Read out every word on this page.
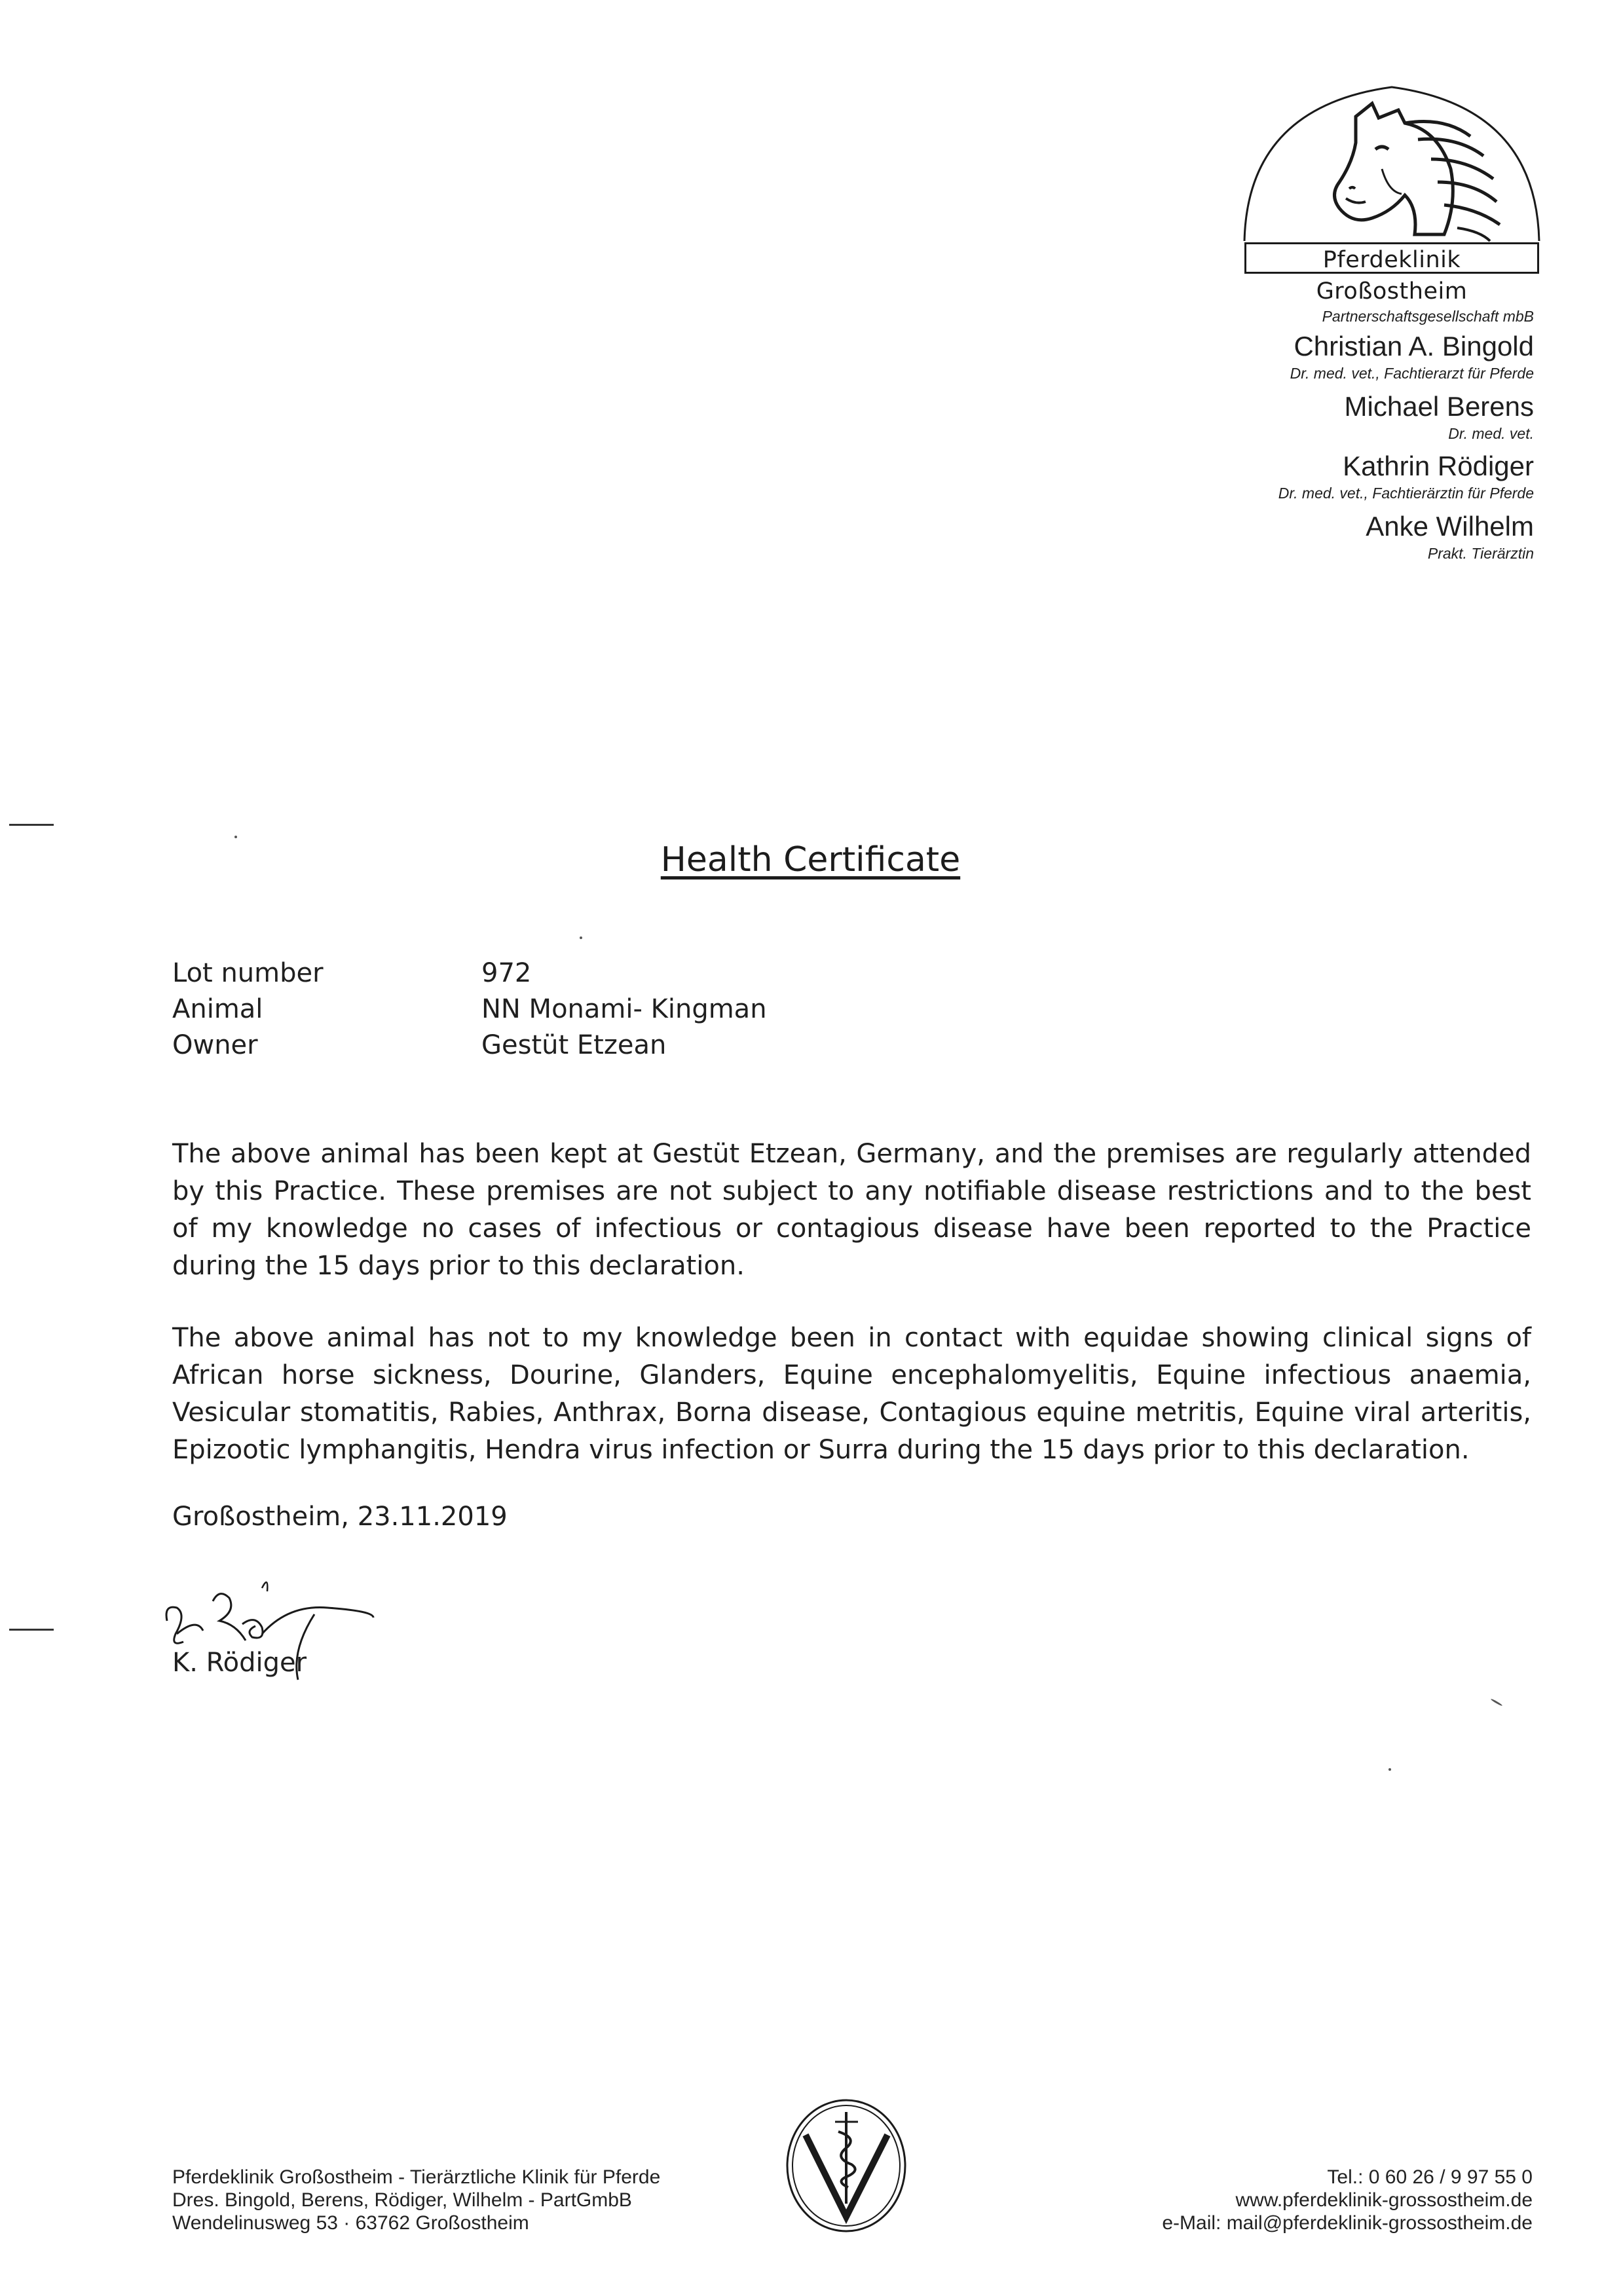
Pferdeklinik Großostheim
Partnerschaftsgesellschaft mbB
Christian A. Bingold
Dr. med. vet., Fachtierarzt für Pferde
Michael Berens
Dr. med. vet.
Kathrin Rödiger
Dr. med. vet., Fachtierärztin für Pferde
Anke Wilhelm
Prakt. Tierärztin
Health Certificate
Lot number	972
Animal	NN Monami- Kingman
Owner	Gestüt Etzean
The above animal has been kept at Gestüt Etzean, Germany, and the premises are regularly attended
by this Practice. These premises are not subject to any notifiable disease restrictions and to the best
of my knowledge no cases of infectious or contagious disease have been reported to the Practice
during the 15 days prior to this declaration.
The above animal has not to my knowledge been in contact with equidae showing clinical signs of
African horse sickness, Dourine, Glanders, Equine encephalomyelitis, Equine infectious anaemia,
Vesicular stomatitis, Rabies, Anthrax, Borna disease, Contagious equine metritis, Equine viral arteritis,
Epizootic lymphangitis, Hendra virus infection or Surra during the 15 days prior to this declaration.
Großostheim, 23.11.2019
K. Rödiger
Pferdeklinik Großostheim - Tierärztliche Klinik für Pferde
Dres. Bingold, Berens, Rödiger, Wilhelm - PartGmbB
Wendelinusweg 53 · 63762 Großostheim
Tel.: 0 60 26 / 9 97 55 0
www.pferdeklinik-grossostheim.de
e-Mail: mail@pferdeklinik-grossostheim.de
